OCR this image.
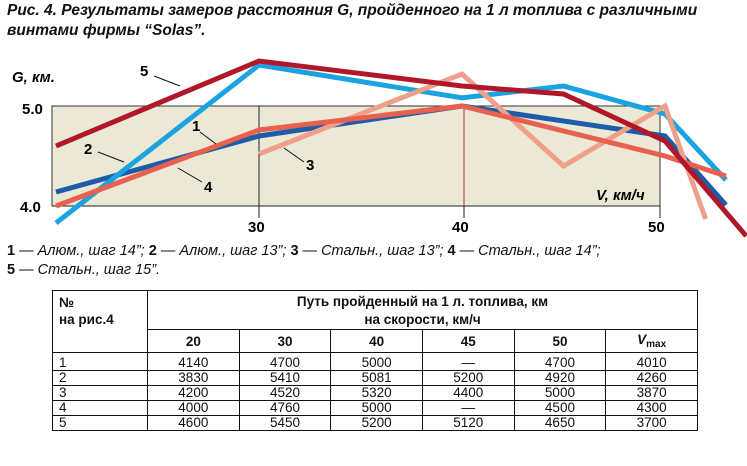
Рис. 4. Результаты замеров расстояния G, пройденного на 1 л топлива с различными винтами фирмы “Solas”.
G, км.
5.0
4.0
V, км/ч
30	40	50
5
1
2
4
3
1 — Алюм., шаг 14”; 2 — Алюм., шаг 13”; 3 — Стальн., шаг 13”; 4 — Стальн., шаг 14”;
5 — Стальн., шаг 15”.
№
на рис.4	Путь пройденный на 1 л. топлива, км
на скорости, км/ч					
	20	30	40	45	50	$V_{max}$
1	4140	4700	5000	—	4700	4010
2	3830	5410	5081	5200	4920	4260
3	4200	4520	5320	4400	5000	3870
4	4000	4760	5000	—	4500	4300
5	4600	5450	5200	5120	4650	3700
